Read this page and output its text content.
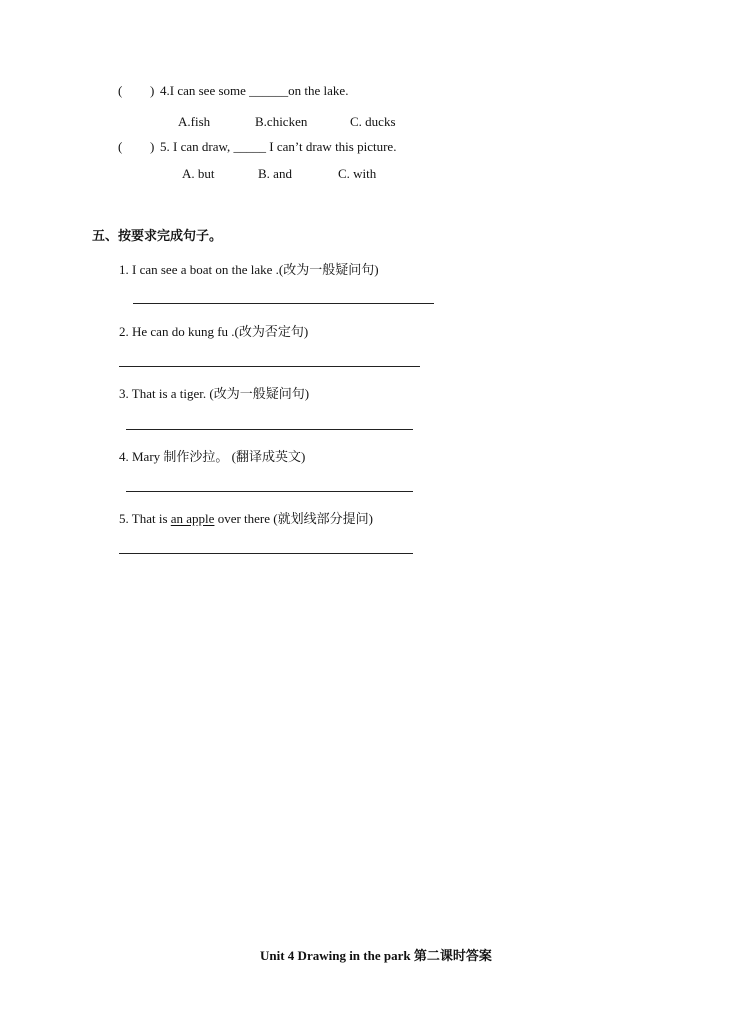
( ) 4.I can see some ______on the lake.
A.fish	B.chicken	C. ducks
( ) 5. I can draw, _____ I can’t draw this picture.
A. but	B. and	C. with
五、按要求完成句子。
1. I can see a boat on the lake .(改为一般疑问句)
2. He can do kung fu .(改为否定句)
3. That is a tiger. (改为一般疑问句)
4. Mary 制作沙拉。 (翻译成英文)
5. That is an apple over there (就划线部分提问)
Unit 4 Drawing in the park 第二课时答案
